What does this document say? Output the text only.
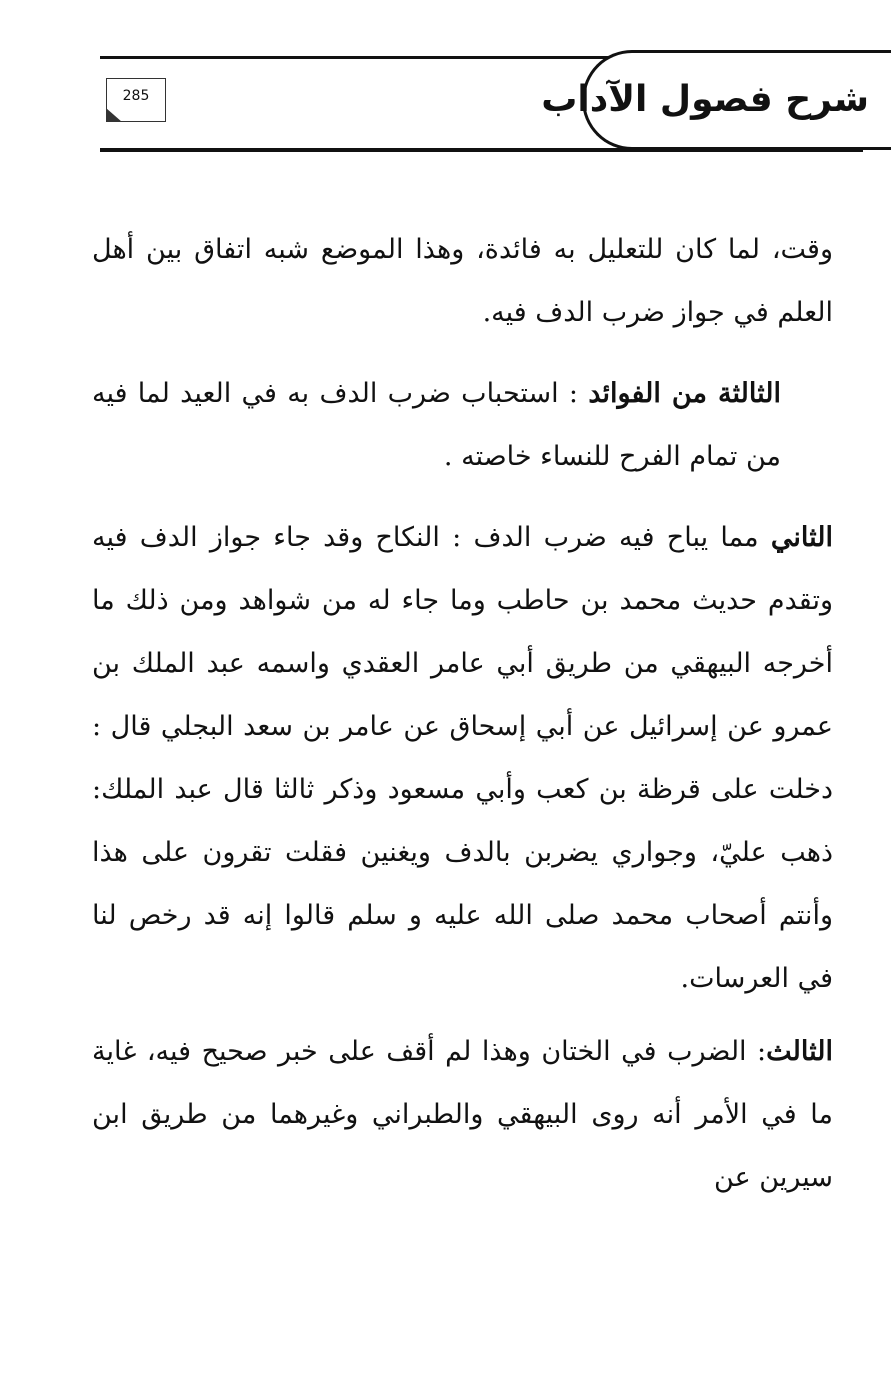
شرح فصول الآداب
285

وقت، لما كان للتعليل به فائدة، وهذا الموضع شبه اتفاق بين أهل العلم في جواز ضرب الدف فيه.

الثالثة من الفوائد : استحباب ضرب الدف به في العيد لما فيه من تمام الفرح للنساء خاصته .

الثاني مما يباح فيه ضرب الدف : النكاح وقد جاء جواز الدف فيه وتقدم حديث محمد بن حاطب وما جاء له من شواهد ومن ذلك ما أخرجه البيهقي من طريق أبي عامر العقدي واسمه عبد الملك بن عمرو عن إسرائيل عن أبي إسحاق عن عامر بن سعد البجلي قال : دخلت على قرظة بن كعب وأبي مسعود وذكر ثالثا قال عبد الملك: ذهب عليّ، وجواري يضربن بالدف ويغنين فقلت تقرون على هذا وأنتم أصحاب محمد صلى الله عليه و سلم قالوا إنه قد رخص لنا في العرسات.

الثالث: الضرب في الختان وهذا لم أقف على خبر صحيح فيه، غاية ما في الأمر أنه روى البيهقي والطبراني وغيرهما من طريق ابن سيرين عن
